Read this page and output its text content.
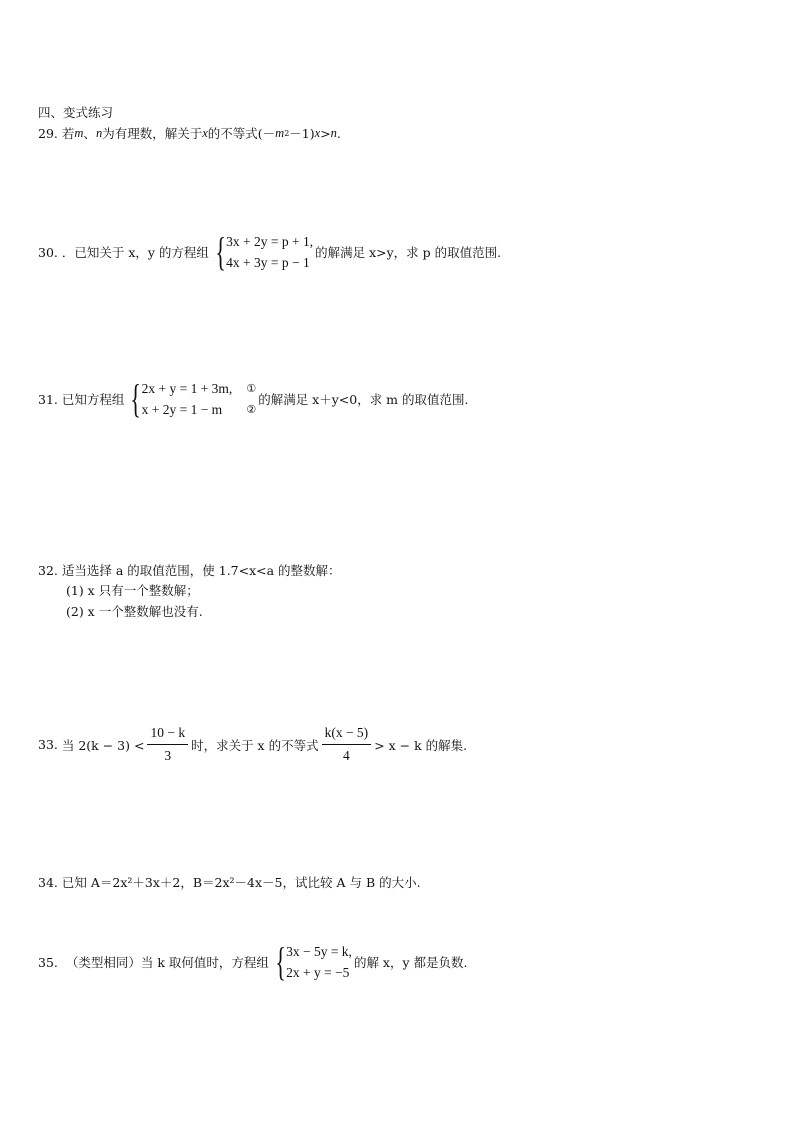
四、变式练习
29.
若 m 、 n 为有理数，解关于 x 的不等式(－ m 2 －1) x > n .
30.
．已知关于 x，y 的方程组 { 3x + 2y = p + 1,
4x + 3y = p − 1
的解满足 x>y，求 p 的取值范围.
31.
已知方程组 { 2x + y = 1 + 3m,
x + 2y = 1 − m
①
②
的解满足 x＋y<0，求 m 的取值范围.
32.
适当选择 a 的取值范围，使 1.7<x<a 的整数解：
(1) x 只有一个整数解；
(2) x 一个整数解也没有.
33.
当 $2(k - 3) < \frac{10 - k}{3}$ 时，求关于 x 的不等式 $\frac{k(x - 5)}{4} > x - k$ 的解集.
34.
已知 A＝2x²＋3x＋2，B＝2x²－4x－5，试比较 A 与 B 的大小.
35.
（类型相同）当 k 取何值时，方程组 { 3x − 5y = k,
2x + y = −5
的解 x，y 都是负数.
